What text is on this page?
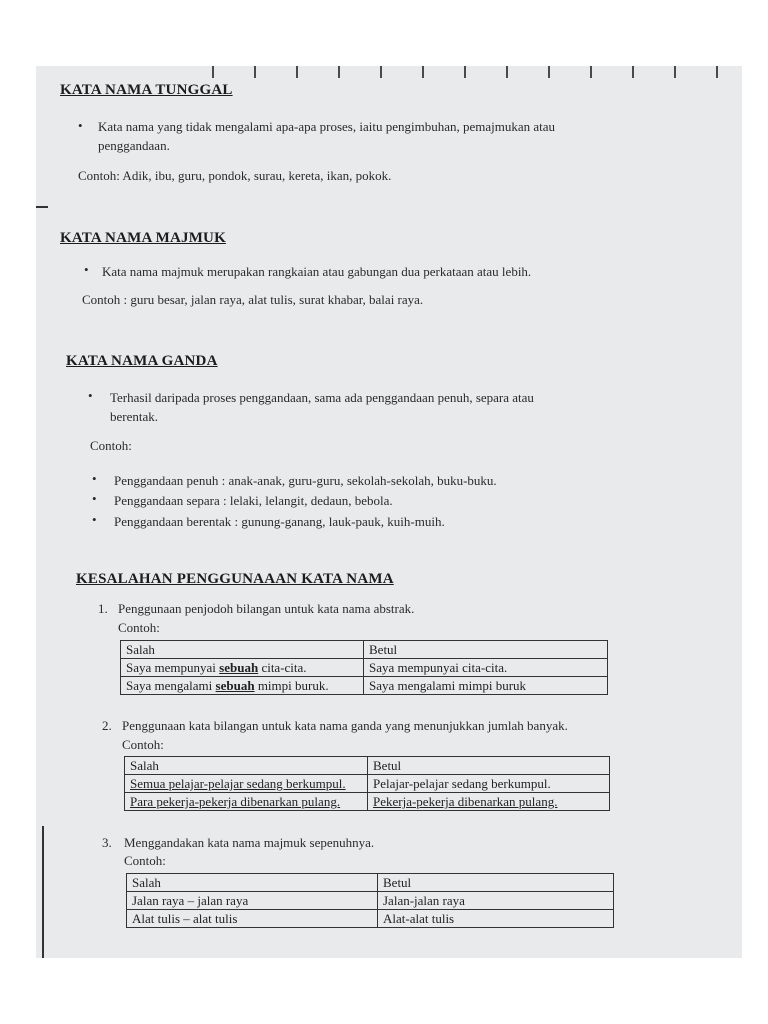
KATA NAMA TUNGGAL
• Kata nama yang tidak mengalami apa-apa proses, iaitu pengimbuhan, pemajmukan atau
penggandaan.
Contoh: Adik, ibu, guru, pondok, surau, kereta, ikan, pokok.
KATA NAMA MAJMUK
• Kata nama majmuk merupakan rangkaian atau gabungan dua perkataan atau lebih.
Contoh : guru besar, jalan raya, alat tulis, surat khabar, balai raya.
KATA NAMA GANDA
• Terhasil daripada proses penggandaan, sama ada penggandaan penuh, separa atau
berentak.
Contoh:
• Penggandaan penuh : anak-anak, guru-guru, sekolah-sekolah, buku-buku.
• Penggandaan separa : lelaki, lelangit, dedaun, bebola.
• Penggandaan berentak : gunung-ganang, lauk-pauk, kuih-muih.
KESALAHAN PENGGUNAAAN KATA NAMA
1. Penggunaan penjodoh bilangan untuk kata nama abstrak.
Contoh:
Salah	Betul
Saya mempunyai sebuah cita-cita.	Saya mempunyai cita-cita.
Saya mengalami sebuah mimpi buruk.	Saya mengalami mimpi buruk
2. Penggunaan kata bilangan untuk kata nama ganda yang menunjukkan jumlah banyak.
Contoh:
Salah	Betul
Semua pelajar-pelajar sedang berkumpul.	Pelajar-pelajar sedang berkumpul.
Para pekerja-pekerja dibenarkan pulang.	Pekerja-pekerja dibenarkan pulang.
3. Menggandakan kata nama majmuk sepenuhnya.
Contoh:
Salah	Betul
Jalan raya – jalan raya	Jalan-jalan raya
Alat tulis – alat tulis	Alat-alat tulis
